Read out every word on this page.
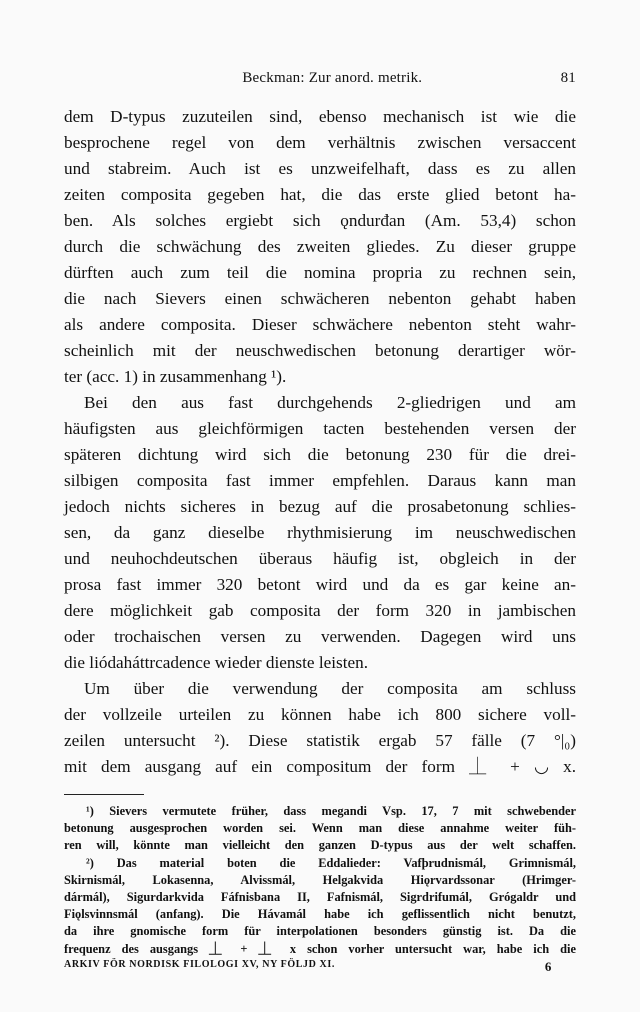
Beckman: Zur anord. metrik.	81

dem D-typus zuzuteilen sind, ebenso mechanisch ist wie die
besprochene regel von dem verhältnis zwischen versaccent
und stabreim. Auch ist es unzweifelhaft, dass es zu allen
zeiten composita gegeben hat, die das erste glied betont ha-
ben. Als solches ergiebt sich ǫndurđan (Am. 53,4) schon
durch die schwächung des zweiten gliedes. Zu dieser gruppe
dürften auch zum teil die nomina propria zu rechnen sein,
die nach Sievers einen schwächeren nebenton gehabt haben
als andere composita. Dieser schwächere nebenton steht wahr-
scheinlich mit der neuschwedischen betonung derartiger wör-
ter (acc. 1) in zusammenhang ¹).

Bei den aus fast durchgehends 2-gliedrigen und am
häufigsten aus gleichförmigen tacten bestehenden versen der
späteren dichtung wird sich die betonung 230 für die drei-
silbigen composita fast immer empfehlen. Daraus kann man
jedoch nichts sicheres in bezug auf die prosabetonung schlies-
sen, da ganz dieselbe rhythmisierung im neuschwedischen
und neuhochdeutschen überaus häufig ist, obgleich in der
prosa fast immer 320 betont wird und da es gar keine an-
dere möglichkeit gab composita der form 320 in jambischen
oder trochaischen versen zu verwenden. Dagegen wird uns
die liódaháttrcadence wieder dienste leisten.

Um über die verwendung der composita am schluss
der vollzeile urteilen zu können habe ich 800 sichere voll-
zeilen untersucht ²). Diese statistik ergab 57 fälle (7 °|₀)
mit dem ausgang auf ein compositum der form ⏊ + ◡ x.

¹) Sievers vermutete früher, dass megandi Vsp. 17, 7 mit schwebender
betonung ausgesprochen worden sei. Wenn man diese annahme weiter füh-
ren will, könnte man vielleicht den ganzen D-typus aus der welt schaffen.
²) Das material boten die Eddalieder: Vafþrudnismál, Grimnismál,
Skirnismál, Lokasenna, Alvissmál, Helgakvida Hiǫrvardssonar (Hrimger-
dármál), Sigurdarkvida Fáfnisbana II, Fafnismál, Sigrdrifumál, Grógaldr und
Fiǫlsvinnsmál (anfang). Die Hávamál habe ich geflissentlich nicht benutzt,
da ihre gnomische form für interpolationen besonders günstig ist. Da die
frequenz des ausgangs ⏊ + ⏊ x schon vorher untersucht war, habe ich die
ARKIV FÖR NORDISK FILOLOGI XV, NY FÖLJD XI.	6
